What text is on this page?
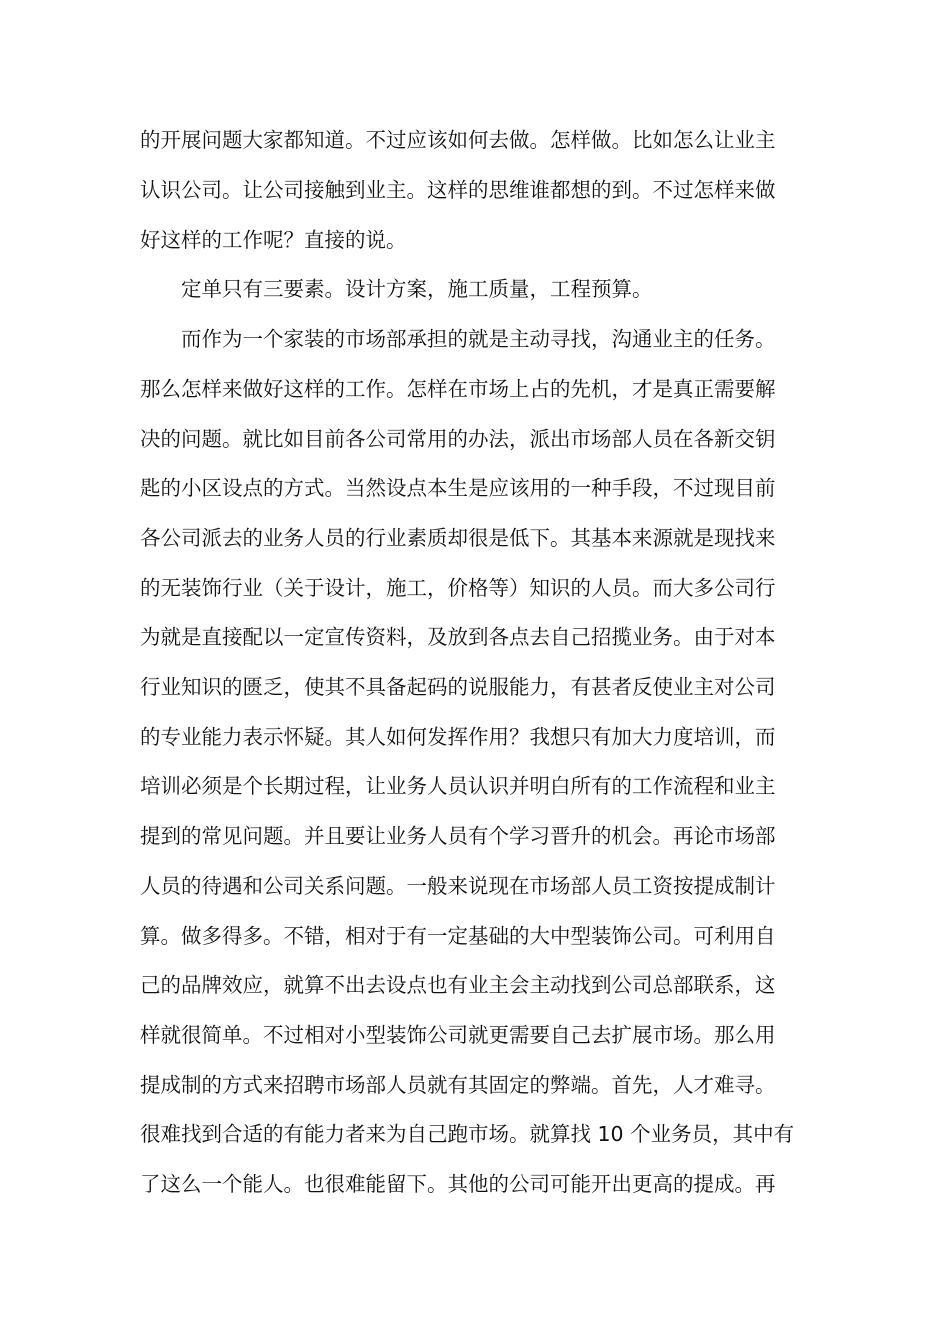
的开展问题大家都知道。不过应该如何去做。怎样做。比如怎么让业主
认识公司。让公司接触到业主。这样的思维谁都想的到。不过怎样来做
好这样的工作呢？直接的说。
　　定单只有三要素。设计方案，施工质量，工程预算。
　　而作为一个家装的市场部承担的就是主动寻找，沟通业主的任务。
那么怎样来做好这样的工作。怎样在市场上占的先机，才是真正需要解
决的问题。就比如目前各公司常用的办法，派出市场部人员在各新交钥
匙的小区设点的方式。当然设点本生是应该用的一种手段，不过现目前
各公司派去的业务人员的行业素质却很是低下。其基本来源就是现找来
的无装饰行业（关于设计，施工，价格等）知识的人员。而大多公司行
为就是直接配以一定宣传资料，及放到各点去自己招揽业务。由于对本
行业知识的匮乏，使其不具备起码的说服能力，有甚者反使业主对公司
的专业能力表示怀疑。其人如何发挥作用？我想只有加大力度培训，而
培训必须是个长期过程，让业务人员认识并明白所有的工作流程和业主
提到的常见问题。并且要让业务人员有个学习晋升的机会。再论市场部
人员的待遇和公司关系问题。一般来说现在市场部人员工资按提成制计
算。做多得多。不错，相对于有一定基础的大中型装饰公司。可利用自
己的品牌效应，就算不出去设点也有业主会主动找到公司总部联系，这
样就很简单。不过相对小型装饰公司就更需要自己去扩展市场。那么用
提成制的方式来招聘市场部人员就有其固定的弊端。首先，人才难寻。
很难找到合适的有能力者来为自己跑市场。就算找 10 个业务员，其中有
了这么一个能人。也很难能留下。其他的公司可能开出更高的提成。再
